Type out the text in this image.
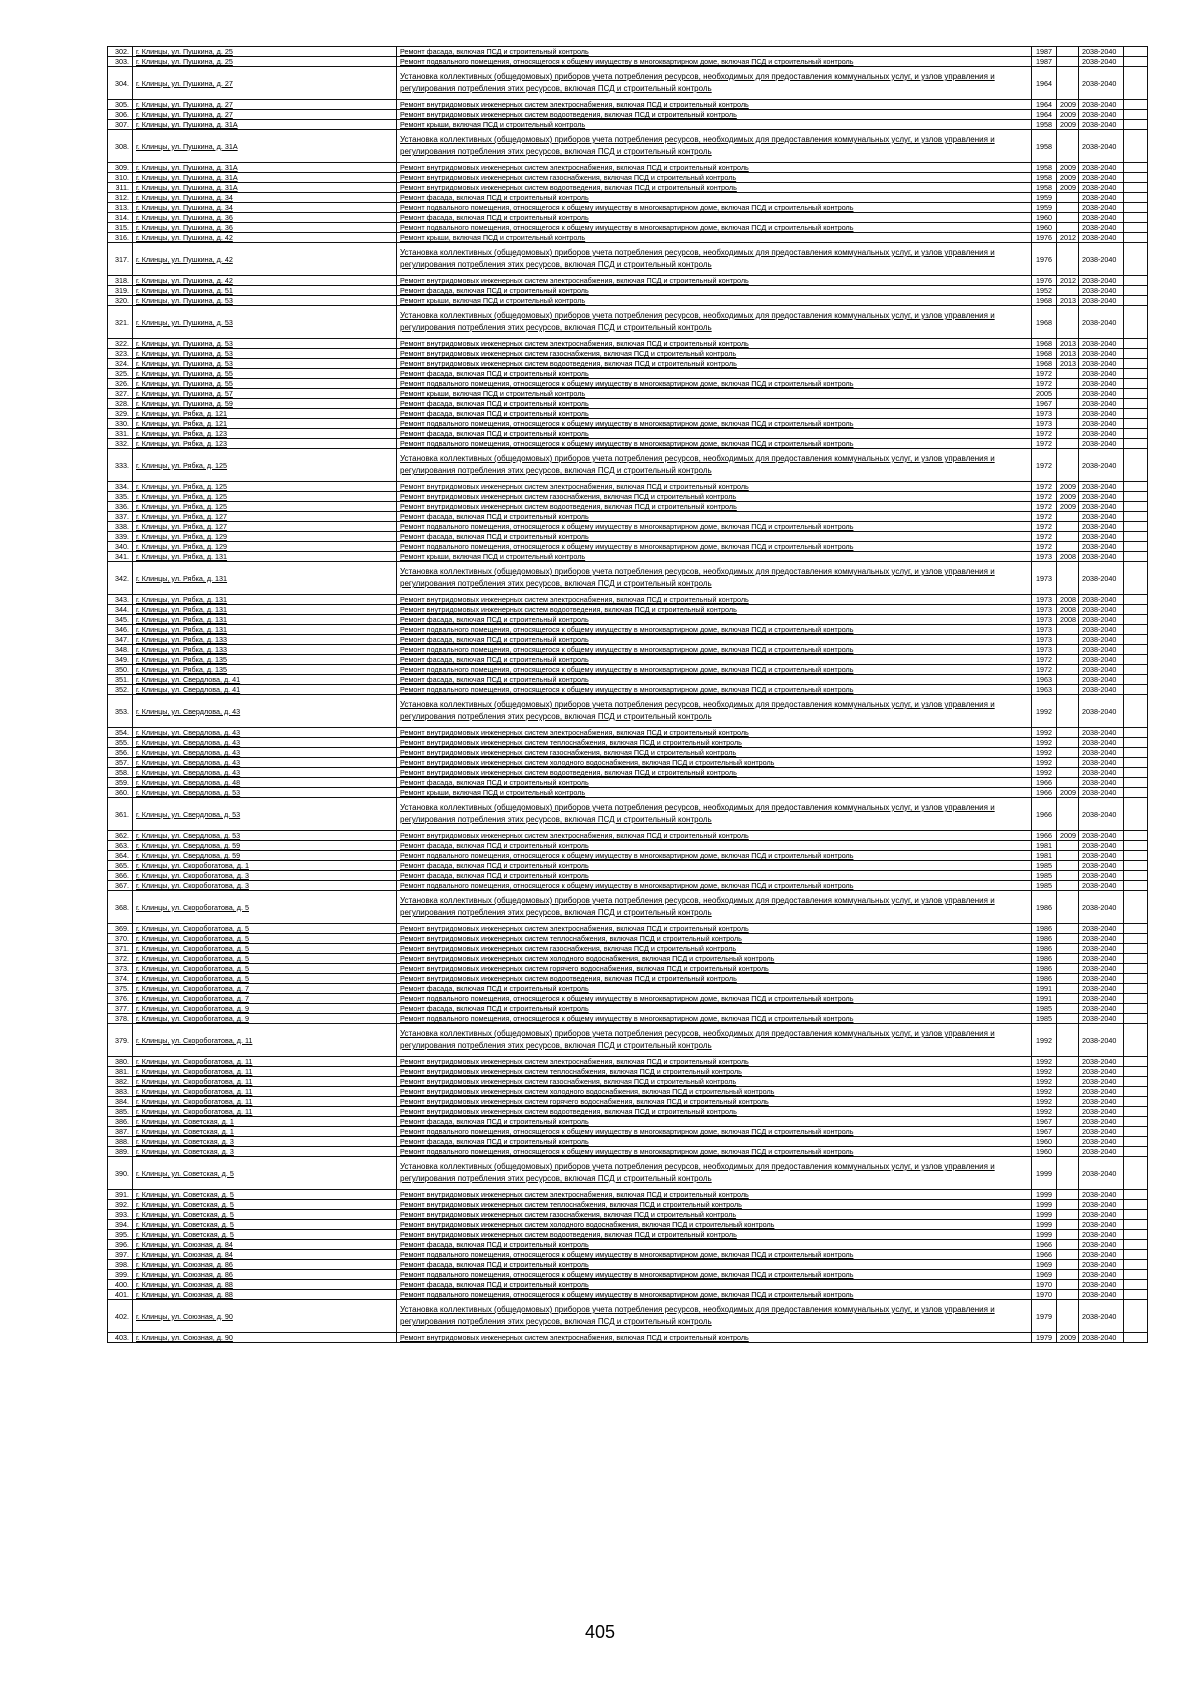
302.	г. Клинцы, ул. Пушкина, д. 25	Ремонт фасада, включая ПСД и строительный контроль	1987		2038-2040	
303.	г. Клинцы, ул. Пушкина, д. 25	Ремонт подвального помещения, относящегося к общему имуществу в многоквартирном доме, включая ПСД и строительный контроль	1987		2038-2040	
304.	г. Клинцы, ул. Пушкина, д. 27	Установка коллективных (общедомовых) приборов учета потребления ресурсов, необходимых для предоставления коммунальных услуг, и узлов управления и регулирования потребления этих ресурсов, включая ПСД и строительный контроль	1964		2038-2040	
305.	г. Клинцы, ул. Пушкина, д. 27	Ремонт внутридомовых инженерных систем электроснабжения, включая ПСД и строительный контроль	1964	2009	2038-2040	
306.	г. Клинцы, ул. Пушкина, д. 27	Ремонт внутридомовых инженерных систем водоотведения, включая ПСД и строительный контроль	1964	2009	2038-2040	
307.	г. Клинцы, ул. Пушкина, д. 31А	Ремонт крыши, включая ПСД и строительный контроль	1958	2009	2038-2040	
308.	г. Клинцы, ул. Пушкина, д. 31А	Установка коллективных (общедомовых) приборов учета потребления ресурсов, необходимых для предоставления коммунальных услуг, и узлов управления и регулирования потребления этих ресурсов, включая ПСД и строительный контроль	1958		2038-2040	
309.	г. Клинцы, ул. Пушкина, д. 31А	Ремонт внутридомовых инженерных систем электроснабжения, включая ПСД и строительный контроль	1958	2009	2038-2040	
310.	г. Клинцы, ул. Пушкина, д. 31А	Ремонт внутридомовых инженерных систем газоснабжения, включая ПСД и строительный контроль	1958	2009	2038-2040	
311.	г. Клинцы, ул. Пушкина, д. 31А	Ремонт внутридомовых инженерных систем водоотведения, включая ПСД и строительный контроль	1958	2009	2038-2040	
312.	г. Клинцы, ул. Пушкина, д. 34	Ремонт фасада, включая ПСД и строительный контроль	1959		2038-2040	
313.	г. Клинцы, ул. Пушкина, д. 34	Ремонт подвального помещения, относящегося к общему имуществу в многоквартирном доме, включая ПСД и строительный контроль	1959		2038-2040	
314.	г. Клинцы, ул. Пушкина, д. 36	Ремонт фасада, включая ПСД и строительный контроль	1960		2038-2040	
315.	г. Клинцы, ул. Пушкина, д. 36	Ремонт подвального помещения, относящегося к общему имуществу в многоквартирном доме, включая ПСД и строительный контроль	1960		2038-2040	
316.	г. Клинцы, ул. Пушкина, д. 42	Ремонт крыши, включая ПСД и строительный контроль	1976	2012	2038-2040	
317.	г. Клинцы, ул. Пушкина, д. 42	Установка коллективных (общедомовых) приборов учета потребления ресурсов, необходимых для предоставления коммунальных услуг, и узлов управления и регулирования потребления этих ресурсов, включая ПСД и строительный контроль	1976		2038-2040	
318.	г. Клинцы, ул. Пушкина, д. 42	Ремонт внутридомовых инженерных систем электроснабжения, включая ПСД и строительный контроль	1976	2012	2038-2040	
319.	г. Клинцы, ул. Пушкина, д. 51	Ремонт фасада, включая ПСД и строительный контроль	1952		2038-2040	
320.	г. Клинцы, ул. Пушкина, д. 53	Ремонт крыши, включая ПСД и строительный контроль	1968	2013	2038-2040	
321.	г. Клинцы, ул. Пушкина, д. 53	Установка коллективных (общедомовых) приборов учета потребления ресурсов, необходимых для предоставления коммунальных услуг, и узлов управления и регулирования потребления этих ресурсов, включая ПСД и строительный контроль	1968		2038-2040	
322.	г. Клинцы, ул. Пушкина, д. 53	Ремонт внутридомовых инженерных систем электроснабжения, включая ПСД и строительный контроль	1968	2013	2038-2040	
323.	г. Клинцы, ул. Пушкина, д. 53	Ремонт внутридомовых инженерных систем газоснабжения, включая ПСД и строительный контроль	1968	2013	2038-2040	
324.	г. Клинцы, ул. Пушкина, д. 53	Ремонт внутридомовых инженерных систем водоотведения, включая ПСД и строительный контроль	1968	2013	2038-2040	
325.	г. Клинцы, ул. Пушкина, д. 55	Ремонт фасада, включая ПСД и строительный контроль	1972		2038-2040	
326.	г. Клинцы, ул. Пушкина, д. 55	Ремонт подвального помещения, относящегося к общему имуществу в многоквартирном доме, включая ПСД и строительный контроль	1972		2038-2040	
327.	г. Клинцы, ул. Пушкина, д. 57	Ремонт крыши, включая ПСД и строительный контроль	2005		2038-2040	
328.	г. Клинцы, ул. Пушкина, д. 59	Ремонт фасада, включая ПСД и строительный контроль	1967		2038-2040	
329.	г. Клинцы, ул. Рябка, д. 121	Ремонт фасада, включая ПСД и строительный контроль	1973		2038-2040	
330.	г. Клинцы, ул. Рябка, д. 121	Ремонт подвального помещения, относящегося к общему имуществу в многоквартирном доме, включая ПСД и строительный контроль	1973		2038-2040	
331.	г. Клинцы, ул. Рябка, д. 123	Ремонт фасада, включая ПСД и строительный контроль	1972		2038-2040	
332.	г. Клинцы, ул. Рябка, д. 123	Ремонт подвального помещения, относящегося к общему имуществу в многоквартирном доме, включая ПСД и строительный контроль	1972		2038-2040	
333.	г. Клинцы, ул. Рябка, д. 125	Установка коллективных (общедомовых) приборов учета потребления ресурсов, необходимых для предоставления коммунальных услуг, и узлов управления и регулирования потребления этих ресурсов, включая ПСД и строительный контроль	1972		2038-2040	
334.	г. Клинцы, ул. Рябка, д. 125	Ремонт внутридомовых инженерных систем электроснабжения, включая ПСД и строительный контроль	1972	2009	2038-2040	
335.	г. Клинцы, ул. Рябка, д. 125	Ремонт внутридомовых инженерных систем газоснабжения, включая ПСД и строительный контроль	1972	2009	2038-2040	
336.	г. Клинцы, ул. Рябка, д. 125	Ремонт внутридомовых инженерных систем водоотведения, включая ПСД и строительный контроль	1972	2009	2038-2040	
337.	г. Клинцы, ул. Рябка, д. 127	Ремонт фасада, включая ПСД и строительный контроль	1972		2038-2040	
338.	г. Клинцы, ул. Рябка, д. 127	Ремонт подвального помещения, относящегося к общему имуществу в многоквартирном доме, включая ПСД и строительный контроль	1972		2038-2040	
339.	г. Клинцы, ул. Рябка, д. 129	Ремонт фасада, включая ПСД и строительный контроль	1972		2038-2040	
340.	г. Клинцы, ул. Рябка, д. 129	Ремонт подвального помещения, относящегося к общему имуществу в многоквартирном доме, включая ПСД и строительный контроль	1972		2038-2040	
341.	г. Клинцы, ул. Рябка, д. 131	Ремонт крыши, включая ПСД и строительный контроль	1973	2008	2038-2040	
342.	г. Клинцы, ул. Рябка, д. 131	Установка коллективных (общедомовых) приборов учета потребления ресурсов, необходимых для предоставления коммунальных услуг, и узлов управления и регулирования потребления этих ресурсов, включая ПСД и строительный контроль	1973		2038-2040	
343.	г. Клинцы, ул. Рябка, д. 131	Ремонт внутридомовых инженерных систем электроснабжения, включая ПСД и строительный контроль	1973	2008	2038-2040	
344.	г. Клинцы, ул. Рябка, д. 131	Ремонт внутридомовых инженерных систем водоотведения, включая ПСД и строительный контроль	1973	2008	2038-2040	
345.	г. Клинцы, ул. Рябка, д. 131	Ремонт фасада, включая ПСД и строительный контроль	1973	2008	2038-2040	
346.	г. Клинцы, ул. Рябка, д. 131	Ремонт подвального помещения, относящегося к общему имуществу в многоквартирном доме, включая ПСД и строительный контроль	1973		2038-2040	
347.	г. Клинцы, ул. Рябка, д. 133	Ремонт фасада, включая ПСД и строительный контроль	1973		2038-2040	
348.	г. Клинцы, ул. Рябка, д. 133	Ремонт подвального помещения, относящегося к общему имуществу в многоквартирном доме, включая ПСД и строительный контроль	1973		2038-2040	
349.	г. Клинцы, ул. Рябка, д. 135	Ремонт фасада, включая ПСД и строительный контроль	1972		2038-2040	
350.	г. Клинцы, ул. Рябка, д. 135	Ремонт подвального помещения, относящегося к общему имуществу в многоквартирном доме, включая ПСД и строительный контроль	1972		2038-2040	
351.	г. Клинцы, ул. Свердлова, д. 41	Ремонт фасада, включая ПСД и строительный контроль	1963		2038-2040	
352.	г. Клинцы, ул. Свердлова, д. 41	Ремонт подвального помещения, относящегося к общему имуществу в многоквартирном доме, включая ПСД и строительный контроль	1963		2038-2040	
353.	г. Клинцы, ул. Свердлова, д. 43	Установка коллективных (общедомовых) приборов учета потребления ресурсов, необходимых для предоставления коммунальных услуг, и узлов управления и регулирования потребления этих ресурсов, включая ПСД и строительный контроль	1992		2038-2040	
354.	г. Клинцы, ул. Свердлова, д. 43	Ремонт внутридомовых инженерных систем электроснабжения, включая ПСД и строительный контроль	1992		2038-2040	
355.	г. Клинцы, ул. Свердлова, д. 43	Ремонт внутридомовых инженерных систем теплоснабжения, включая ПСД и строительный контроль	1992		2038-2040	
356.	г. Клинцы, ул. Свердлова, д. 43	Ремонт внутридомовых инженерных систем газоснабжения, включая ПСД и строительный контроль	1992		2038-2040	
357.	г. Клинцы, ул. Свердлова, д. 43	Ремонт внутридомовых инженерных систем холодного водоснабжения, включая ПСД и строительный контроль	1992		2038-2040	
358.	г. Клинцы, ул. Свердлова, д. 43	Ремонт внутридомовых инженерных систем водоотведения, включая ПСД и строительный контроль	1992		2038-2040	
359.	г. Клинцы, ул. Свердлова, д. 48	Ремонт фасада, включая ПСД и строительный контроль	1966		2038-2040	
360.	г. Клинцы, ул. Свердлова, д. 53	Ремонт крыши, включая ПСД и строительный контроль	1966	2009	2038-2040	
361.	г. Клинцы, ул. Свердлова, д. 53	Установка коллективных (общедомовых) приборов учета потребления ресурсов, необходимых для предоставления коммунальных услуг, и узлов управления и регулирования потребления этих ресурсов, включая ПСД и строительный контроль	1966		2038-2040	
362.	г. Клинцы, ул. Свердлова, д. 53	Ремонт внутридомовых инженерных систем электроснабжения, включая ПСД и строительный контроль	1966	2009	2038-2040	
363.	г. Клинцы, ул. Свердлова, д. 59	Ремонт фасада, включая ПСД и строительный контроль	1981		2038-2040	
364.	г. Клинцы, ул. Свердлова, д. 59	Ремонт подвального помещения, относящегося к общему имуществу в многоквартирном доме, включая ПСД и строительный контроль	1981		2038-2040	
365.	г. Клинцы, ул. Скоробогатова, д. 1	Ремонт фасада, включая ПСД и строительный контроль	1985		2038-2040	
366.	г. Клинцы, ул. Скоробогатова, д. 3	Ремонт фасада, включая ПСД и строительный контроль	1985		2038-2040	
367.	г. Клинцы, ул. Скоробогатова, д. 3	Ремонт подвального помещения, относящегося к общему имуществу в многоквартирном доме, включая ПСД и строительный контроль	1985		2038-2040	
368.	г. Клинцы, ул. Скоробогатова, д. 5	Установка коллективных (общедомовых) приборов учета потребления ресурсов, необходимых для предоставления коммунальных услуг, и узлов управления и регулирования потребления этих ресурсов, включая ПСД и строительный контроль	1986		2038-2040	
369.	г. Клинцы, ул. Скоробогатова, д. 5	Ремонт внутридомовых инженерных систем электроснабжения, включая ПСД и строительный контроль	1986		2038-2040	
370.	г. Клинцы, ул. Скоробогатова, д. 5	Ремонт внутридомовых инженерных систем теплоснабжения, включая ПСД и строительный контроль	1986		2038-2040	
371.	г. Клинцы, ул. Скоробогатова, д. 5	Ремонт внутридомовых инженерных систем газоснабжения, включая ПСД и строительный контроль	1986		2038-2040	
372.	г. Клинцы, ул. Скоробогатова, д. 5	Ремонт внутридомовых инженерных систем холодного водоснабжения, включая ПСД и строительный контроль	1986		2038-2040	
373.	г. Клинцы, ул. Скоробогатова, д. 5	Ремонт внутридомовых инженерных систем горячего водоснабжения, включая ПСД и строительный контроль	1986		2038-2040	
374.	г. Клинцы, ул. Скоробогатова, д. 5	Ремонт внутридомовых инженерных систем водоотведения, включая ПСД и строительный контроль	1986		2038-2040	
375.	г. Клинцы, ул. Скоробогатова, д. 7	Ремонт фасада, включая ПСД и строительный контроль	1991		2038-2040	
376.	г. Клинцы, ул. Скоробогатова, д. 7	Ремонт подвального помещения, относящегося к общему имуществу в многоквартирном доме, включая ПСД и строительный контроль	1991		2038-2040	
377.	г. Клинцы, ул. Скоробогатова, д. 9	Ремонт фасада, включая ПСД и строительный контроль	1985		2038-2040	
378.	г. Клинцы, ул. Скоробогатова, д. 9	Ремонт подвального помещения, относящегося к общему имуществу в многоквартирном доме, включая ПСД и строительный контроль	1985		2038-2040	
379.	г. Клинцы, ул. Скоробогатова, д. 11	Установка коллективных (общедомовых) приборов учета потребления ресурсов, необходимых для предоставления коммунальных услуг, и узлов управления и регулирования потребления этих ресурсов, включая ПСД и строительный контроль	1992		2038-2040	
380.	г. Клинцы, ул. Скоробогатова, д. 11	Ремонт внутридомовых инженерных систем электроснабжения, включая ПСД и строительный контроль	1992		2038-2040	
381.	г. Клинцы, ул. Скоробогатова, д. 11	Ремонт внутридомовых инженерных систем теплоснабжения, включая ПСД и строительный контроль	1992		2038-2040	
382.	г. Клинцы, ул. Скоробогатова, д. 11	Ремонт внутридомовых инженерных систем газоснабжения, включая ПСД и строительный контроль	1992		2038-2040	
383.	г. Клинцы, ул. Скоробогатова, д. 11	Ремонт внутридомовых инженерных систем холодного водоснабжения, включая ПСД и строительный контроль	1992		2038-2040	
384.	г. Клинцы, ул. Скоробогатова, д. 11	Ремонт внутридомовых инженерных систем горячего водоснабжения, включая ПСД и строительный контроль	1992		2038-2040	
385.	г. Клинцы, ул. Скоробогатова, д. 11	Ремонт внутридомовых инженерных систем водоотведения, включая ПСД и строительный контроль	1992		2038-2040	
386.	г. Клинцы, ул. Советская, д. 1	Ремонт фасада, включая ПСД и строительный контроль	1967		2038-2040	
387.	г. Клинцы, ул. Советская, д. 1	Ремонт подвального помещения, относящегося к общему имуществу в многоквартирном доме, включая ПСД и строительный контроль	1967		2038-2040	
388.	г. Клинцы, ул. Советская, д. 3	Ремонт фасада, включая ПСД и строительный контроль	1960		2038-2040	
389.	г. Клинцы, ул. Советская, д. 3	Ремонт подвального помещения, относящегося к общему имуществу в многоквартирном доме, включая ПСД и строительный контроль	1960		2038-2040	
390.	г. Клинцы, ул. Советская, д. 5	Установка коллективных (общедомовых) приборов учета потребления ресурсов, необходимых для предоставления коммунальных услуг, и узлов управления и регулирования потребления этих ресурсов, включая ПСД и строительный контроль	1999		2038-2040	
391.	г. Клинцы, ул. Советская, д. 5	Ремонт внутридомовых инженерных систем электроснабжения, включая ПСД и строительный контроль	1999		2038-2040	
392.	г. Клинцы, ул. Советская, д. 5	Ремонт внутридомовых инженерных систем теплоснабжения, включая ПСД и строительный контроль	1999		2038-2040	
393.	г. Клинцы, ул. Советская, д. 5	Ремонт внутридомовых инженерных систем газоснабжения, включая ПСД и строительный контроль	1999		2038-2040	
394.	г. Клинцы, ул. Советская, д. 5	Ремонт внутридомовых инженерных систем холодного водоснабжения, включая ПСД и строительный контроль	1999		2038-2040	
395.	г. Клинцы, ул. Советская, д. 5	Ремонт внутридомовых инженерных систем водоотведения, включая ПСД и строительный контроль	1999		2038-2040	
396.	г. Клинцы, ул. Союзная, д. 84	Ремонт фасада, включая ПСД и строительный контроль	1966		2038-2040	
397.	г. Клинцы, ул. Союзная, д. 84	Ремонт подвального помещения, относящегося к общему имуществу в многоквартирном доме, включая ПСД и строительный контроль	1966		2038-2040	
398.	г. Клинцы, ул. Союзная, д. 86	Ремонт фасада, включая ПСД и строительный контроль	1969		2038-2040	
399.	г. Клинцы, ул. Союзная, д. 86	Ремонт подвального помещения, относящегося к общему имуществу в многоквартирном доме, включая ПСД и строительный контроль	1969		2038-2040	
400.	г. Клинцы, ул. Союзная, д. 88	Ремонт фасада, включая ПСД и строительный контроль	1970		2038-2040	
401.	г. Клинцы, ул. Союзная, д. 88	Ремонт подвального помещения, относящегося к общему имуществу в многоквартирном доме, включая ПСД и строительный контроль	1970		2038-2040	
402.	г. Клинцы, ул. Союзная, д. 90	Установка коллективных (общедомовых) приборов учета потребления ресурсов, необходимых для предоставления коммунальных услуг, и узлов управления и регулирования потребления этих ресурсов, включая ПСД и строительный контроль	1979		2038-2040	
403.	г. Клинцы, ул. Союзная, д. 90	Ремонт внутридомовых инженерных систем электроснабжения, включая ПСД и строительный контроль	1979	2009	2038-2040	
405
